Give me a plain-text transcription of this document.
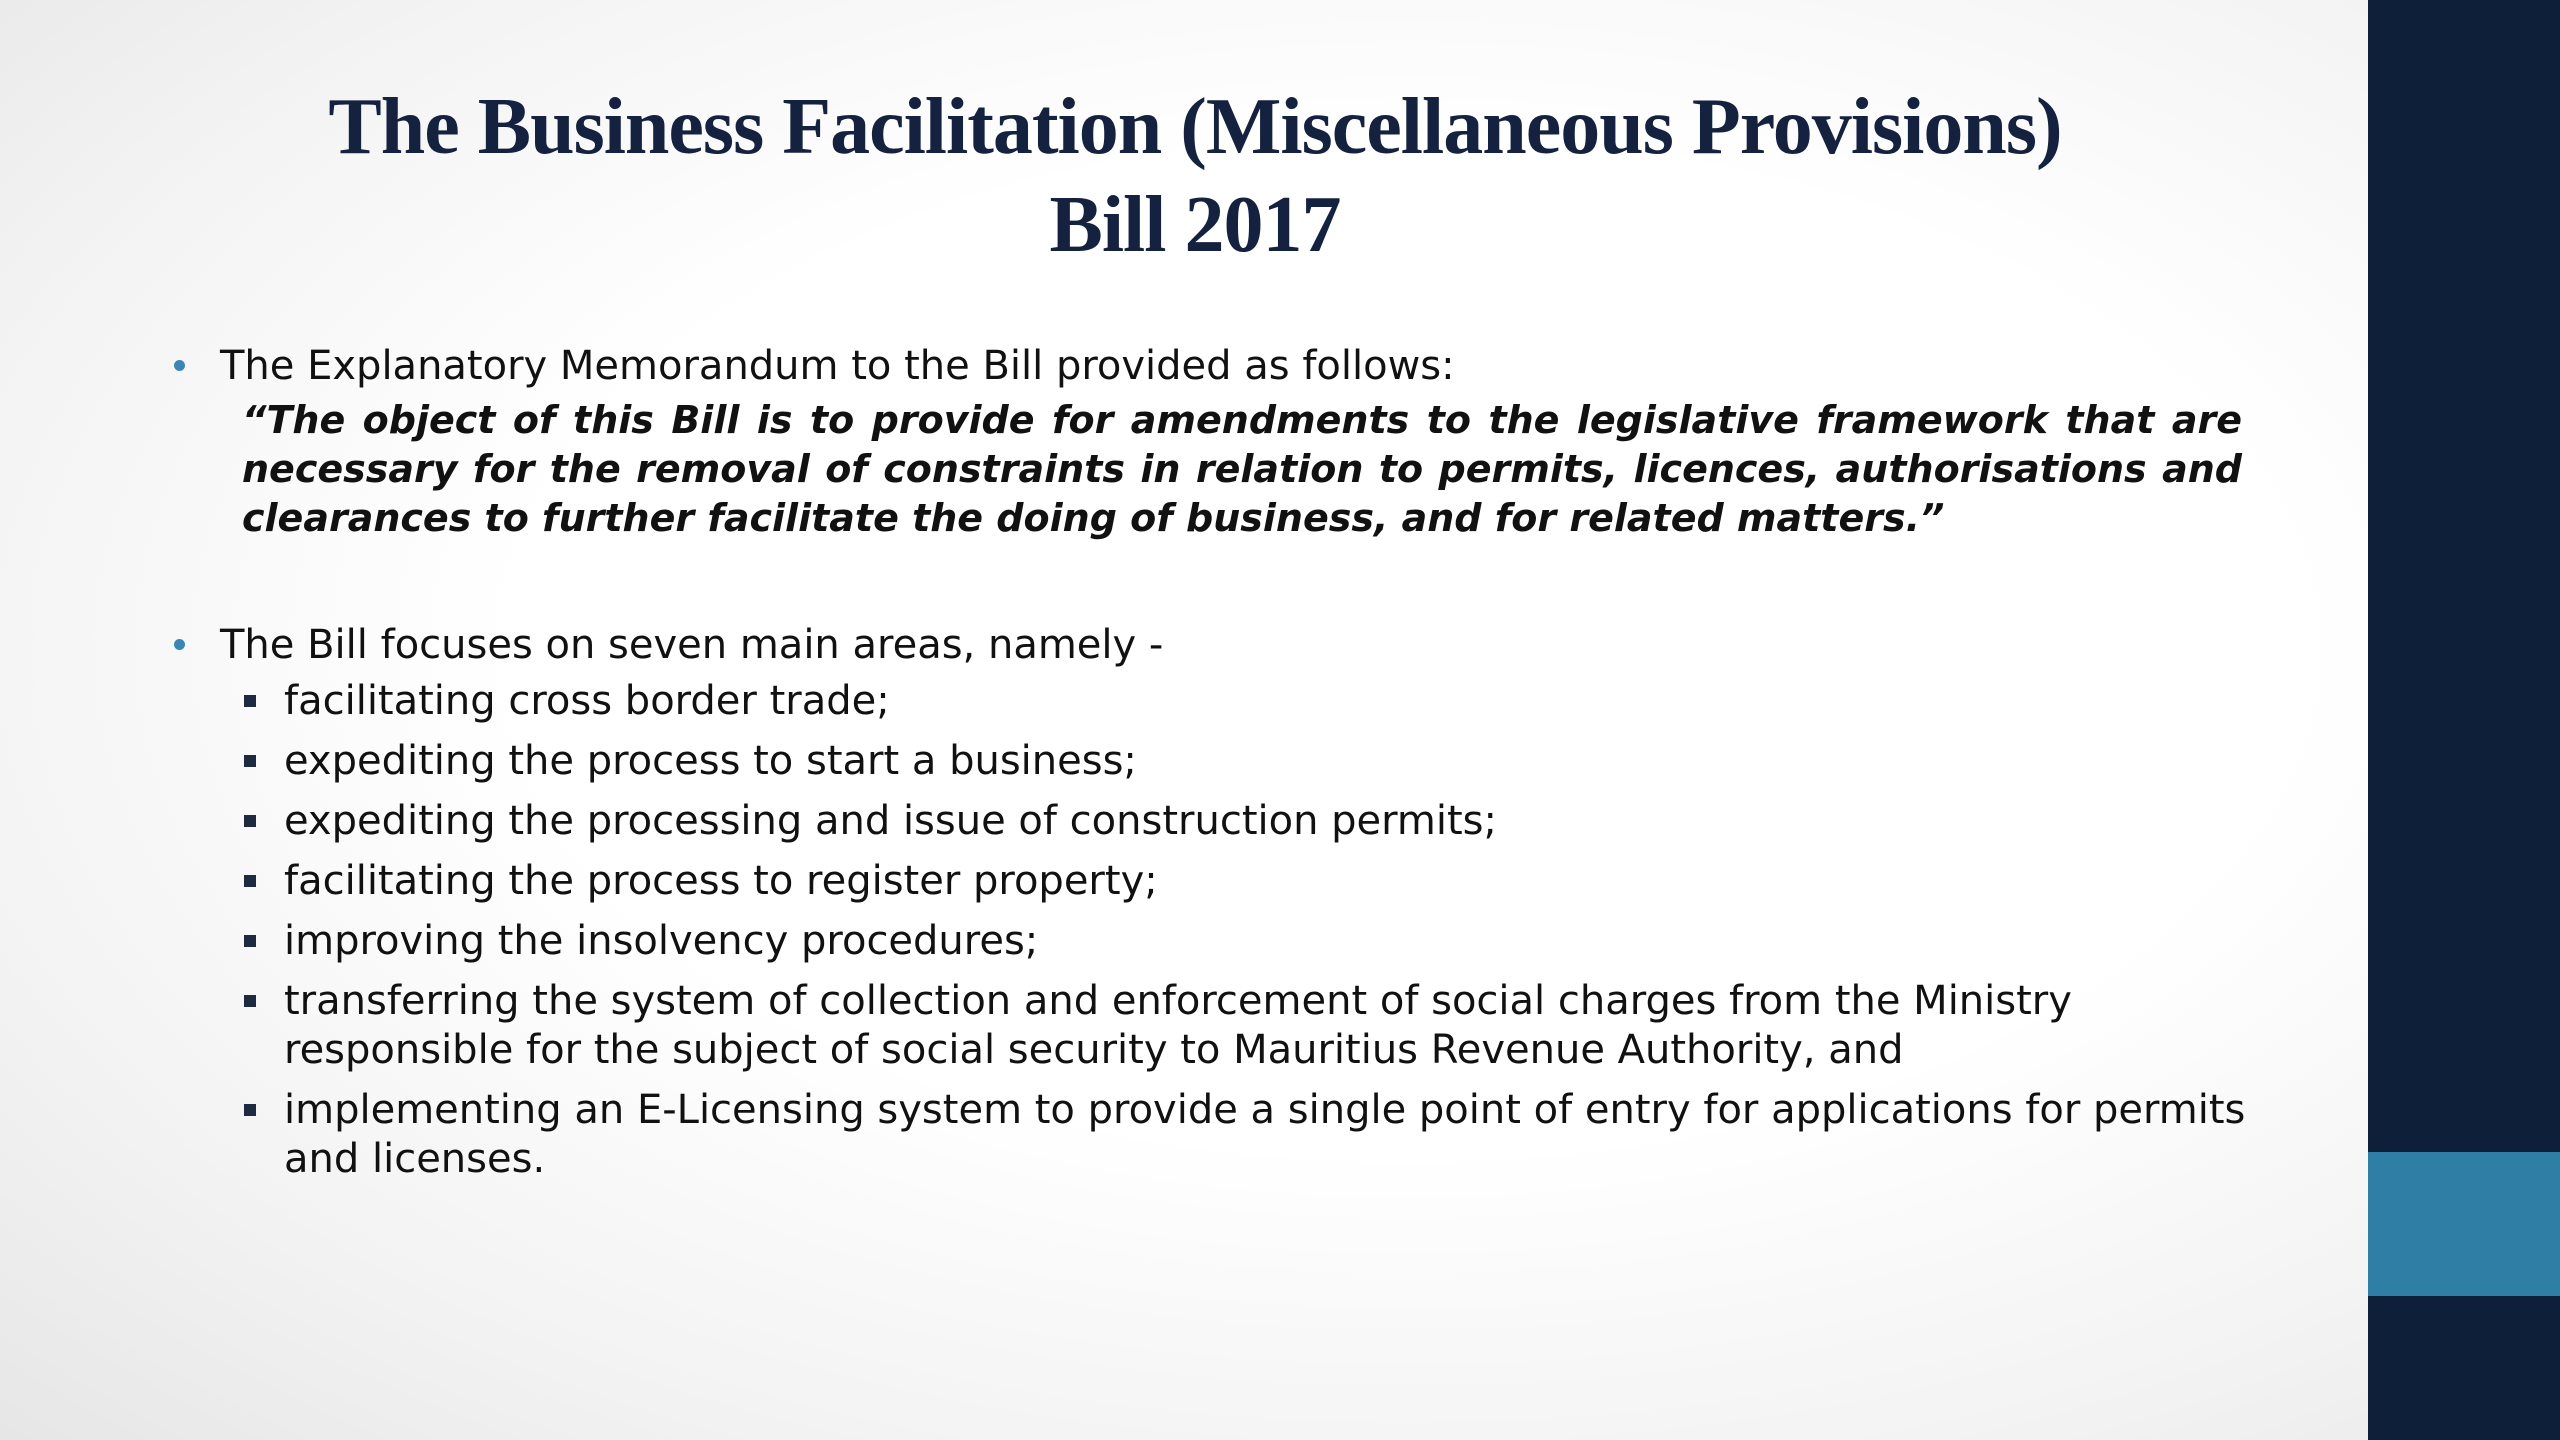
The Business Facilitation (Miscellaneous Provisions)
Bill 2017
The Explanatory Memorandum to the Bill provided as follows:
“The object of this Bill is to provide for amendments to the legislative framework that are necessary for the removal of constraints in relation to permits, licences, authorisations and clearances to further facilitate the doing of business, and for related matters.”
The Bill focuses on seven main areas, namely -
facilitating cross border trade;
expediting the process to start a business;
expediting the processing and issue of construction permits;
facilitating the process to register property;
improving the insolvency procedures;
transferring the system of collection and enforcement of social charges from the Ministry responsible for the subject of social security to Mauritius Revenue Authority, and
implementing an E-Licensing system to provide a single point of entry for applications for permits and licenses.
